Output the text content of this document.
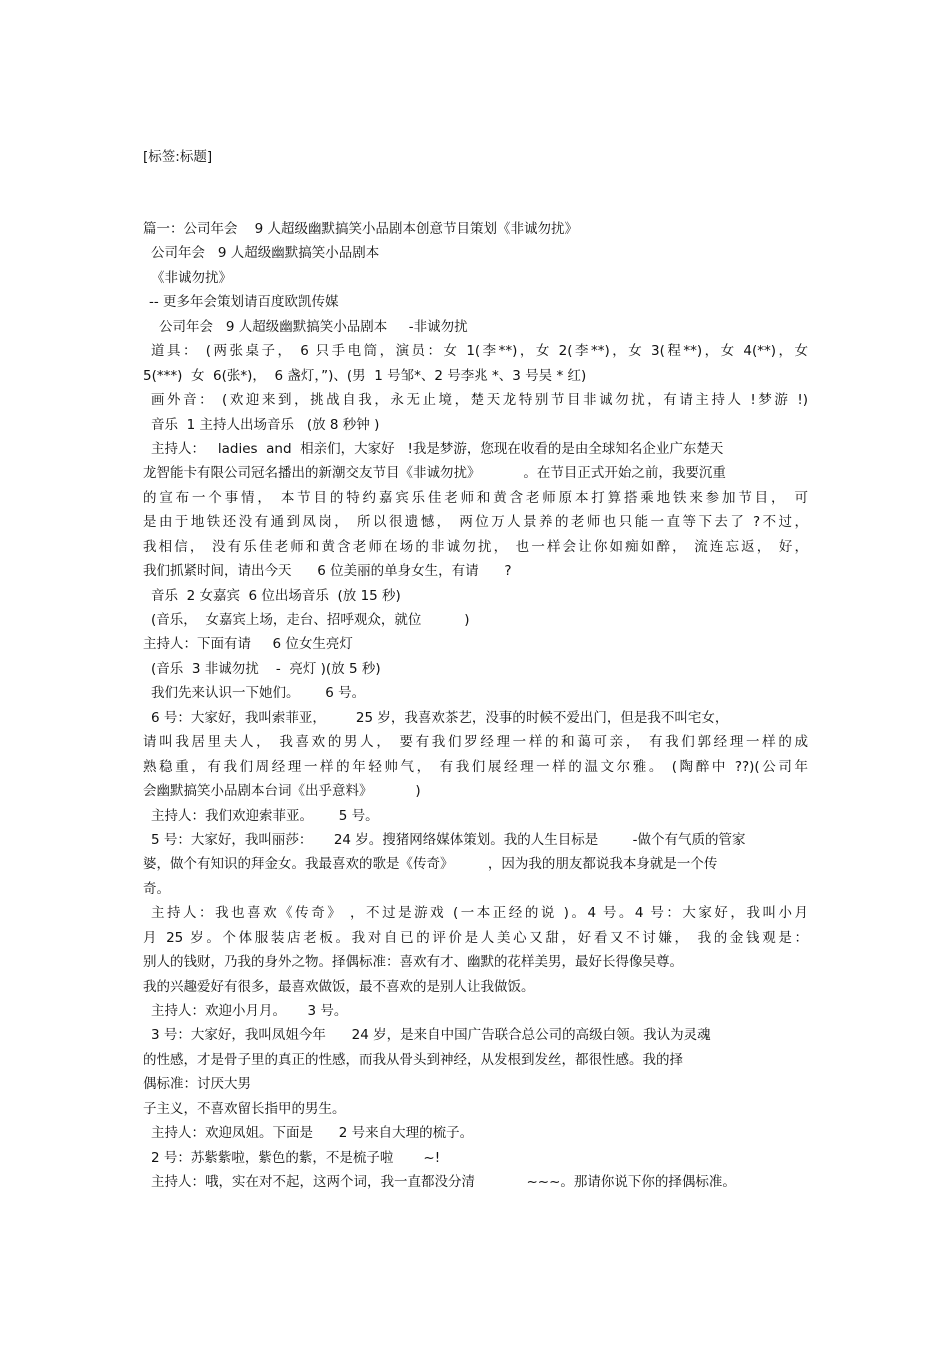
[标签:标题]
篇一：公司年会    9 人超级幽默搞笑小品剧本创意节目策划《非诚勿扰》
公司年会   9 人超级幽默搞笑小品剧本
《非诚勿扰》
-- 更多年会策划请百度欧凯传媒
公司年会   9 人超级幽默搞笑小品剧本     -非诚勿扰
道具： (两张桌子， 6 只手电筒，演员：女 1(李**)，女 2(李**)，女 3(程**)，女 4(**)，女
5(***)  女  6(张*)，  6 盏灯，”)、(男  1 号邹*、2 号李兆 *、3 号吴 * 红)
画外音： (欢迎来到，挑战自我，永无止境，楚天龙特别节目非诚勿扰，有请主持人 !梦游 !)
音乐  1 主持人出场音乐   (放 8 秒钟 )
主持人：   ladies  and  相亲们，大家好   !我是梦游，您现在收看的是由全球知名企业广东楚天
龙智能卡有限公司冠名播出的新潮交友节目《非诚勿扰》          。在节目正式开始之前，我要沉重
的宣布一个事情， 本节目的特约嘉宾乐佳老师和黄含老师原本打算搭乘地铁来参加节目， 可
是由于地铁还没有通到凤岗， 所以很遗憾， 两位万人景养的老师也只能一直等下去了 ?不过，
我相信， 没有乐佳老师和黄含老师在场的非诚勿扰， 也一样会让你如痴如醉， 流连忘返， 好，
我们抓紧时间，请出今天      6 位美丽的单身女生，有请      ?
音乐  2 女嘉宾  6 位出场音乐  (放 15 秒)
(音乐，  女嘉宾上场，走台、招呼观众，就位          )
主持人：下面有请     6 位女生亮灯
(音乐  3 非诚勿扰    -  亮灯 )(放 5 秒)
我们先来认识一下她们。      6 号。
6 号：大家好，我叫索菲亚，       25 岁，我喜欢茶艺，没事的时候不爱出门，但是我不叫宅女，
请叫我居里夫人， 我喜欢的男人， 要有我们罗经理一样的和蔼可亲， 有我们郭经理一样的成
熟稳重，有我们周经理一样的年轻帅气， 有我们展经理一样的温文尔雅。 (陶醉中 ??)(公司年
会幽默搞笑小品剧本台词《出乎意料》          )
主持人：我们欢迎索菲亚。      5 号。
5 号：大家好，我叫丽莎：     24 岁。搜猪网络媒体策划。我的人生目标是        -做个有气质的管家
婆，做个有知识的拜金女。我最喜欢的歌是《传奇》        ，因为我的朋友都说我本身就是一个传
奇。
主持人：我也喜欢《传奇》 ，不过是游戏 (一本正经的说 )。4 号。4 号：大家好，我叫小月
月 25 岁。个体服装店老板。我对自已的评价是人美心又甜，好看又不讨嫌， 我的金钱观是：
别人的钱财，乃我的身外之物。择偶标准：喜欢有才、幽默的花样美男，最好长得像吴尊。
我的兴趣爱好有很多，最喜欢做饭，最不喜欢的是别人让我做饭。
主持人：欢迎小月月。     3 号。
3 号：大家好，我叫凤姐今年      24 岁，是来自中国广告联合总公司的高级白领。我认为灵魂
的性感，才是骨子里的真正的性感，而我从骨头到神经，从发根到发丝，都很性感。我的择
偶标准：讨厌大男
子主义，不喜欢留长指甲的男生。
主持人：欢迎凤姐。下面是      2 号来自大理的梳子。
2 号：苏紫紫啦，紫色的紫，不是梳子啦       ~!
主持人：哦，实在对不起，这两个词，我一直都没分清            ~~~。那请你说下你的择偶标准。
